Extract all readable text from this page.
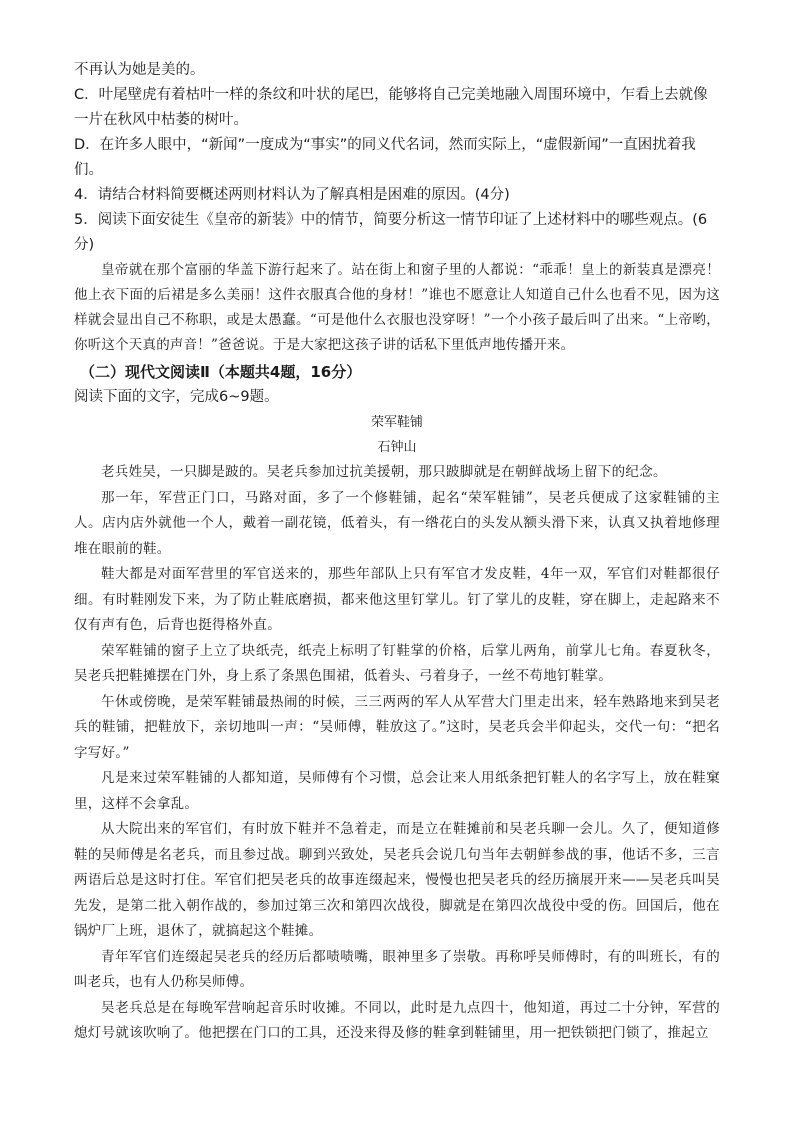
不再认为她是美的。

C．叶尾壁虎有着枯叶一样的条纹和叶状的尾巴，能够将自己完美地融入周围环境中，乍看上去就像一片在秋风中枯萎的树叶。

D．在许多人眼中，“新闻”一度成为“事实”的同义代名词，然而实际上，“虚假新闻”一直困扰着我们。

4．请结合材料简要概述两则材料认为了解真相是困难的原因。(4分)

5．阅读下面安徒生《皇帝的新装》中的情节，简要分析这一情节印证了上述材料中的哪些观点。(6分)

皇帝就在那个富丽的华盖下游行起来了。站在街上和窗子里的人都说：“乖乖！皇上的新装真是漂亮！他上衣下面的后裙是多么美丽！这件衣服真合他的身材！”谁也不愿意让人知道自己什么也看不见，因为这样就会显出自己不称职，或是太愚蠢。“可是他什么衣服也没穿呀！”一个小孩子最后叫了出来。“上帝哟，你听这个天真的声音！”爸爸说。于是大家把这孩子讲的话私下里低声地传播开来。

（二）现代文阅读Ⅱ（本题共4题，16分）

阅读下面的文字，完成6~9题。

荣军鞋铺

石钟山

老兵姓吴，一只脚是跛的。吴老兵参加过抗美援朝，那只跛脚就是在朝鲜战场上留下的纪念。

那一年，军营正门口，马路对面，多了一个修鞋铺，起名“荣军鞋铺”，吴老兵便成了这家鞋铺的主人。店内店外就他一个人，戴着一副花镜，低着头，有一绺花白的头发从额头滑下来，认真又执着地修理堆在眼前的鞋。

鞋大都是对面军营里的军官送来的，那些年部队上只有军官才发皮鞋，4年一双，军官们对鞋都很仔细。有时鞋刚发下来，为了防止鞋底磨损，都来他这里钉掌儿。钉了掌儿的皮鞋，穿在脚上，走起路来不仅有声有色，后背也挺得格外直。

荣军鞋铺的窗子上立了块纸壳，纸壳上标明了钉鞋掌的价格，后掌儿两角，前掌儿七角。春夏秋冬，吴老兵把鞋摊摆在门外，身上系了条黑色围裙，低着头、弓着身子，一丝不苟地钉鞋掌。

午休或傍晚，是荣军鞋铺最热闹的时候，三三两两的军人从军营大门里走出来，轻车熟路地来到吴老兵的鞋铺，把鞋放下，亲切地叫一声：“吴师傅，鞋放这了。”这时，吴老兵会半仰起头，交代一句：“把名字写好。”

凡是来过荣军鞋铺的人都知道，吴师傅有个习惯，总会让来人用纸条把钉鞋人的名字写上，放在鞋窠里，这样不会拿乱。

从大院出来的军官们，有时放下鞋并不急着走，而是立在鞋摊前和吴老兵聊一会儿。久了，便知道修鞋的吴师傅是名老兵，而且参过战。聊到兴致处，吴老兵会说几句当年去朝鲜参战的事，他话不多，三言两语后总是这时打住。军官们把吴老兵的故事连缀起来，慢慢也把吴老兵的经历摘展开来——吴老兵叫吴先发，是第二批入朝作战的，参加过第三次和第四次战役，脚就是在第四次战役中受的伤。回国后，他在锅炉厂上班，退休了，就搞起这个鞋摊。

青年军官们连缀起吴老兵的经历后都啧啧嘴，眼神里多了崇敬。再称呼吴师傅时，有的叫班长，有的叫老兵，也有人仍称吴师傅。

吴老兵总是在每晚军营响起音乐时收摊。不同以，此时是九点四十，他知道，再过二十分钟，军营的熄灯号就该吹响了。他把摆在门口的工具，还没来得及修的鞋拿到鞋铺里，用一把铁锁把门锁了，推起立
